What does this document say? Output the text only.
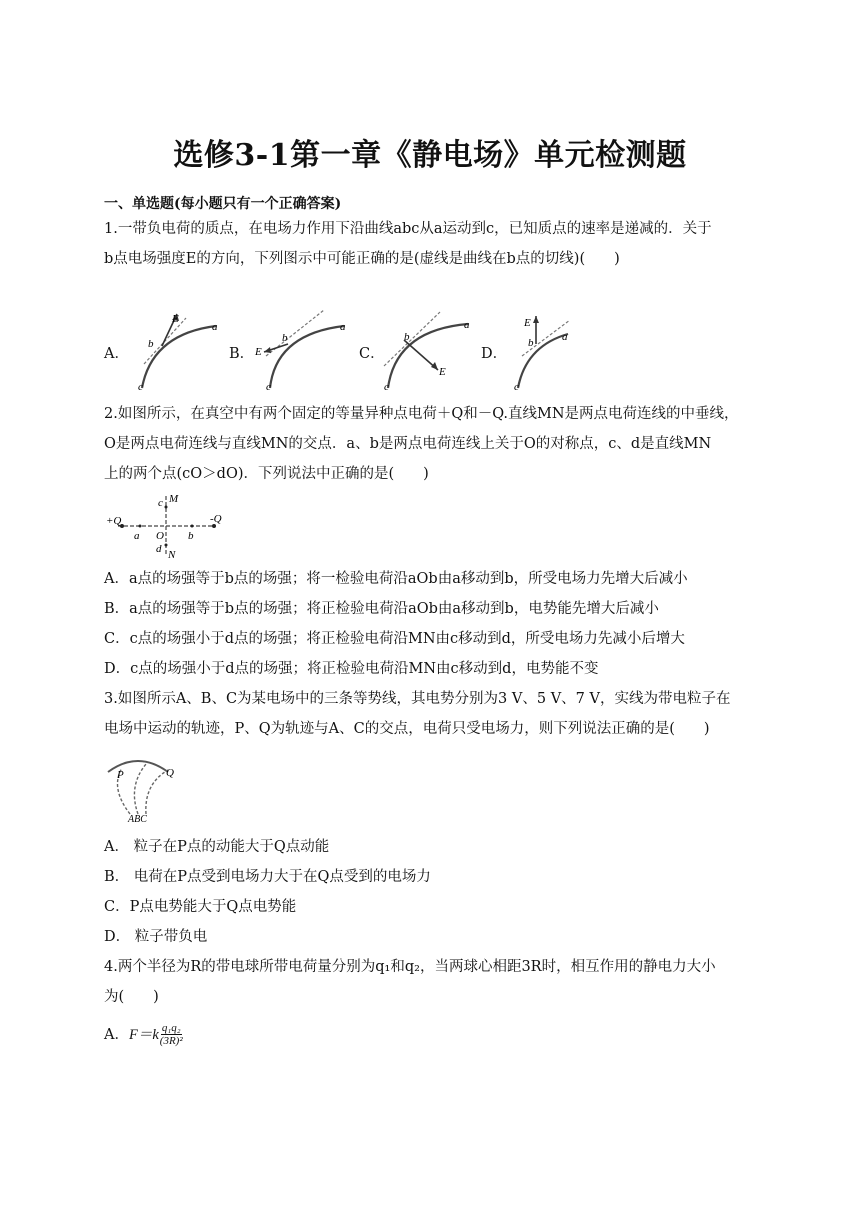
选修3-1第一章《静电场》单元检测题
一、单选题(每小题只有一个正确答案)
1.一带负电荷的质点，在电场力作用下沿曲线abc从a运动到c，已知质点的速率是递减的．关于
b点电场强度E的方向，下列图示中可能正确的是(虚线是曲线在b点的切线)(　　)
A．	B．	C．	D．
b
E
a
c
b
E
a
c
b
E
a
c
b
E
a
c
2.如图所示，在真空中有两个固定的等量异种点电荷＋Q和－Q.直线MN是两点电荷连线的中垂线，
O是两点电荷连线与直线MN的交点．a、b是两点电荷连线上关于O的对称点，c、d是直线MN
上的两个点(cO＞dO)．下列说法中正确的是(　　)
+Q	-Q
a	b
O
c M
d N
A．a点的场强等于b点的场强；将一检验电荷沿aOb由a移动到b，所受电场力先增大后减小
B．a点的场强等于b点的场强；将正检验电荷沿aOb由a移动到b，电势能先增大后减小
C．c点的场强小于d点的场强；将正检验电荷沿MN由c移动到d，所受电场力先减小后增大
D．c点的场强小于d点的场强；将正检验电荷沿MN由c移动到d，电势能不变
3.如图所示A、B、C为某电场中的三条等势线，其电势分别为3 V、5 V、7 V，实线为带电粒子在
电场中运动的轨迹，P、Q为轨迹与A、C的交点，电荷只受电场力，则下列说法正确的是(　　)
P	Q
ABC
A． 粒子在P点的动能大于Q点动能
B． 电荷在P点受到电场力大于在Q点受到的电场力
C．P点电势能大于Q点电势能
D． 粒子带负电
4.两个半径为R的带电球所带电荷量分别为q₁和q₂，当两球心相距3R时，相互作用的静电力大小
为(　　)
A． $F=k \frac{\text{q₁q₂}}{\text{(3R)²}}$
